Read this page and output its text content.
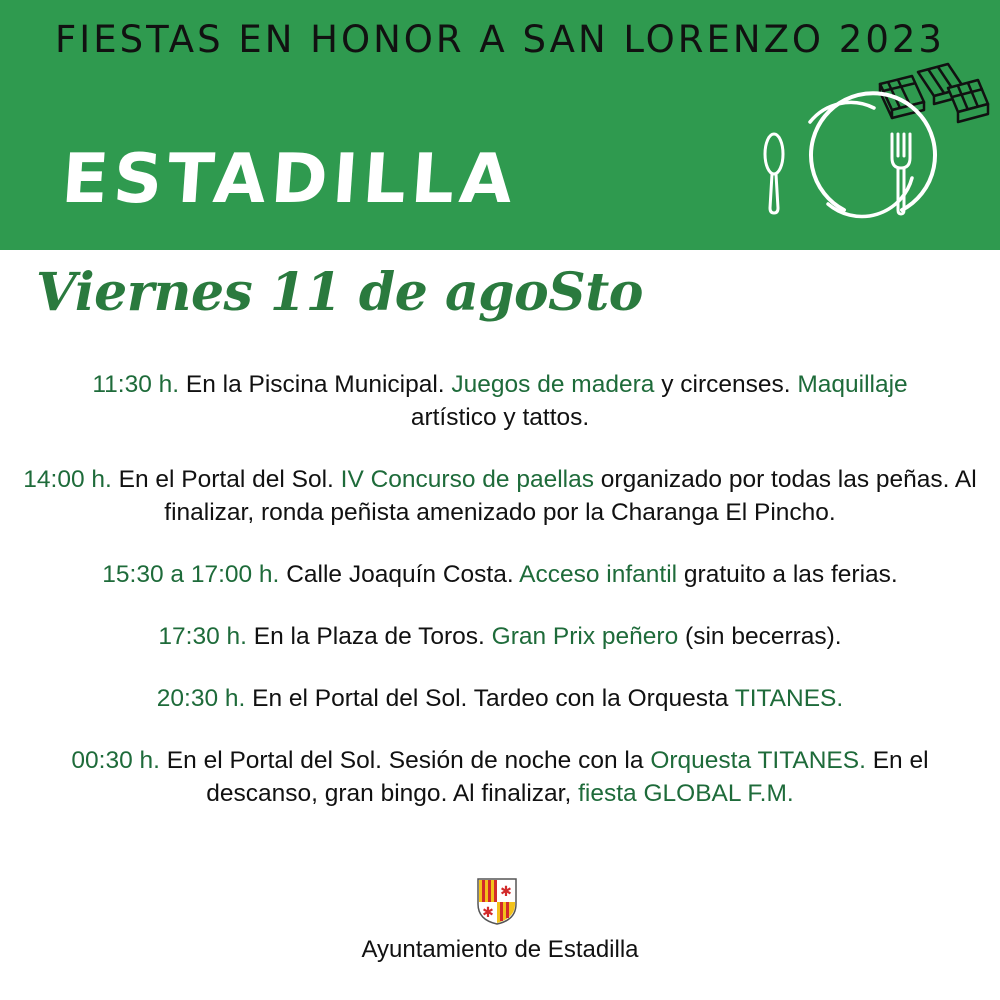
FIESTAS EN HONOR A SAN LORENZO 2023
ESTADILLA
Viernes 11 de agoSto

11:30 h. En la Piscina Municipal. Juegos de madera y circenses. Maquillaje
artístico y tattos.

14:00 h. En el Portal del Sol. IV Concurso de paellas organizado por todas las peñas. Al finalizar, ronda peñista amenizado por la Charanga El Pincho.

15:30 a 17:00 h. Calle Joaquín Costa. Acceso infantil gratuito a las ferias.

17:30 h. En la Plaza de Toros. Gran Prix peñero (sin becerras).

20:30 h. En el Portal del Sol. Tardeo con la Orquesta TITANES.

00:30 h. En el Portal del Sol. Sesión de noche con la Orquesta TITANES. En el descanso, gran bingo. Al finalizar, fiesta GLOBAL F.M.

✱
✱
Ayuntamiento de Estadilla
